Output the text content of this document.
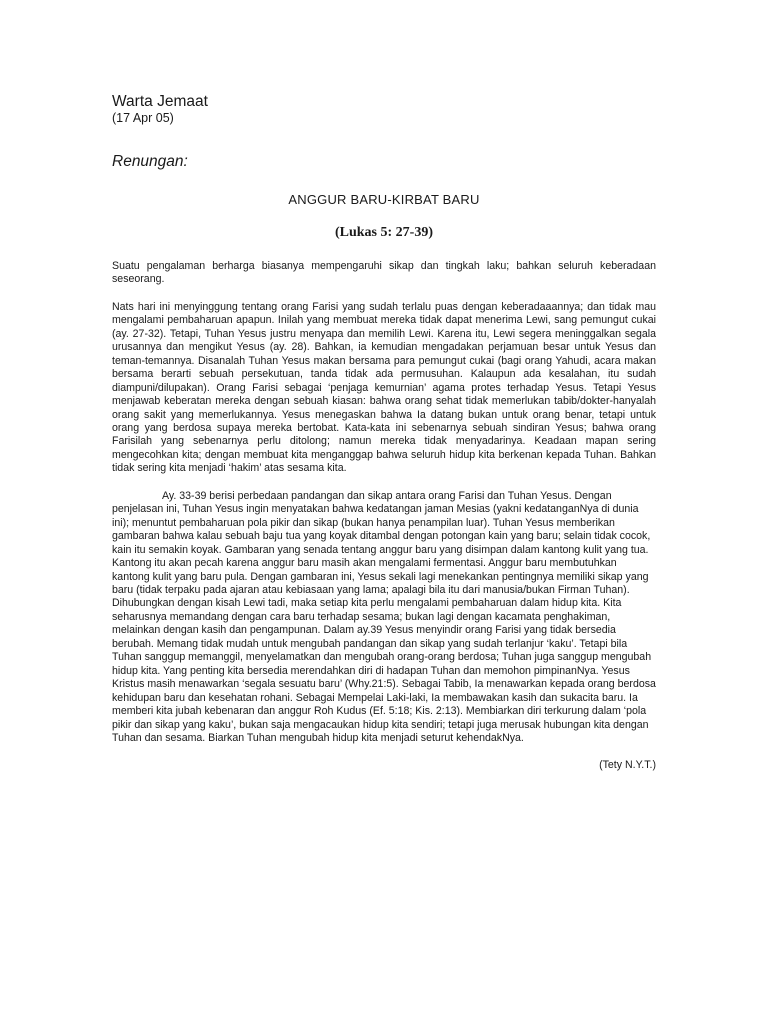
Warta Jemaat
(17 Apr 05)
Renungan:
ANGGUR BARU-KIRBAT BARU
(Lukas 5: 27-39)

Suatu pengalaman berharga biasanya mempengaruhi sikap dan tingkah laku; bahkan seluruh keberadaan seseorang.

Nats hari ini menyinggung tentang orang Farisi yang sudah terlalu puas dengan keberadaaannya; dan tidak mau mengalami pembaharuan apapun. Inilah yang membuat mereka tidak dapat menerima Lewi, sang pemungut cukai (ay. 27-32). Tetapi, Tuhan Yesus justru menyapa dan memilih Lewi. Karena itu, Lewi segera meninggalkan segala urusannya dan mengikut Yesus (ay. 28). Bahkan, ia kemudian mengadakan perjamuan besar untuk Yesus dan teman-temannya. Disanalah Tuhan Yesus makan bersama para pemungut cukai (bagi orang Yahudi, acara makan bersama berarti sebuah persekutuan, tanda tidak ada permusuhan. Kalaupun ada kesalahan, itu sudah diampuni/dilupakan). Orang Farisi sebagai ‘penjaga kemurnian’ agama protes terhadap Yesus. Tetapi Yesus menjawab keberatan mereka dengan sebuah kiasan: bahwa orang sehat tidak memerlukan tabib/dokter-hanyalah orang sakit yang memerlukannya. Yesus menegaskan bahwa Ia datang bukan untuk orang benar, tetapi untuk orang yang berdosa supaya mereka bertobat. Kata-kata ini sebenarnya sebuah sindiran Yesus; bahwa orang Farisilah yang sebenarnya perlu ditolong; namun mereka tidak menyadarinya. Keadaan mapan sering mengecohkan kita; dengan membuat kita menganggap bahwa seluruh hidup kita berkenan kepada Tuhan. Bahkan tidak sering kita menjadi ‘hakim’ atas sesama kita.

Ay. 33-39 berisi perbedaan pandangan dan sikap antara orang Farisi dan Tuhan Yesus. Dengan penjelasan ini, Tuhan Yesus ingin menyatakan bahwa kedatangan jaman Mesias (yakni kedatanganNya di dunia ini); menuntut pembaharuan pola pikir dan sikap (bukan hanya penampilan luar). Tuhan Yesus memberikan gambaran bahwa kalau sebuah baju tua yang koyak ditambal dengan potongan kain yang baru; selain tidak cocok, kain itu semakin koyak. Gambaran yang senada tentang anggur baru yang disimpan dalam kantong kulit yang tua. Kantong itu akan pecah karena anggur baru masih akan mengalami fermentasi. Anggur baru membutuhkan kantong kulit yang baru pula. Dengan gambaran ini, Yesus sekali lagi menekankan pentingnya memiliki sikap yang baru (tidak terpaku pada ajaran atau kebiasaan yang lama; apalagi bila itu dari manusia/bukan Firman Tuhan). Dihubungkan dengan kisah Lewi tadi, maka setiap kita perlu mengalami pembaharuan dalam hidup kita. Kita seharusnya memandang dengan cara baru terhadap sesama; bukan lagi dengan kacamata penghakiman, melainkan dengan kasih dan pengampunan. Dalam ay.39 Yesus menyindir orang Farisi yang tidak bersedia berubah. Memang tidak mudah untuk mengubah pandangan dan sikap yang sudah terlanjur ‘kaku’. Tetapi bila Tuhan sanggup memanggil, menyelamatkan dan mengubah orang-orang berdosa; Tuhan juga sanggup mengubah hidup kita. Yang penting kita bersedia merendahkan diri di hadapan Tuhan dan memohon pimpinanNya. Yesus Kristus masih menawarkan ‘segala sesuatu baru’ (Why.21:5). Sebagai Tabib, Ia menawarkan kepada orang berdosa kehidupan baru dan kesehatan rohani. Sebagai Mempelai Laki-laki, Ia membawakan kasih dan sukacita baru. Ia memberi kita jubah kebenaran dan anggur Roh Kudus (Ef. 5:18; Kis. 2:13). Membiarkan diri terkurung dalam ‘pola pikir dan sikap yang kaku’, bukan saja mengacaukan hidup kita sendiri; tetapi juga merusak hubungan kita dengan Tuhan dan sesama. Biarkan Tuhan mengubah hidup kita menjadi seturut kehendakNya.

(Tety N.Y.T.)
